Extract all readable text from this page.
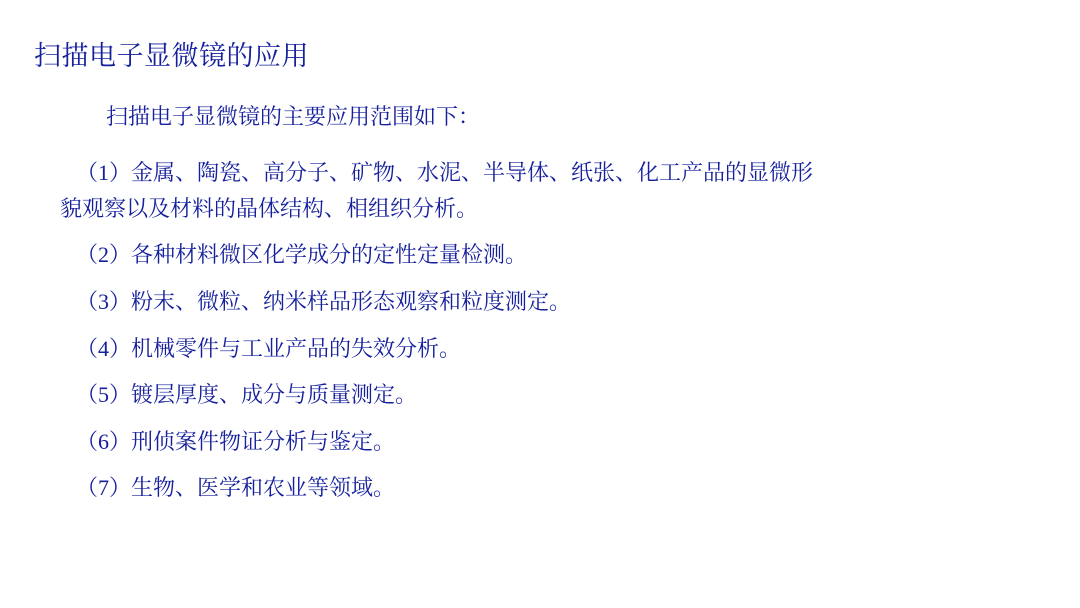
扫描电子显微镜的应用

扫描电子显微镜的主要应用范围如下：

（1）金属、陶瓷、高分子、矿物、水泥、半导体、纸张、化工产品的显微形貌观察以及材料的晶体结构、相组织分析。
（2）各种材料微区化学成分的定性定量检测。
（3）粉末、微粒、纳米样品形态观察和粒度测定。
（4）机械零件与工业产品的失效分析。
（5）镀层厚度、成分与质量测定。
（6）刑侦案件物证分析与鉴定。
（7）生物、医学和农业等领域。
